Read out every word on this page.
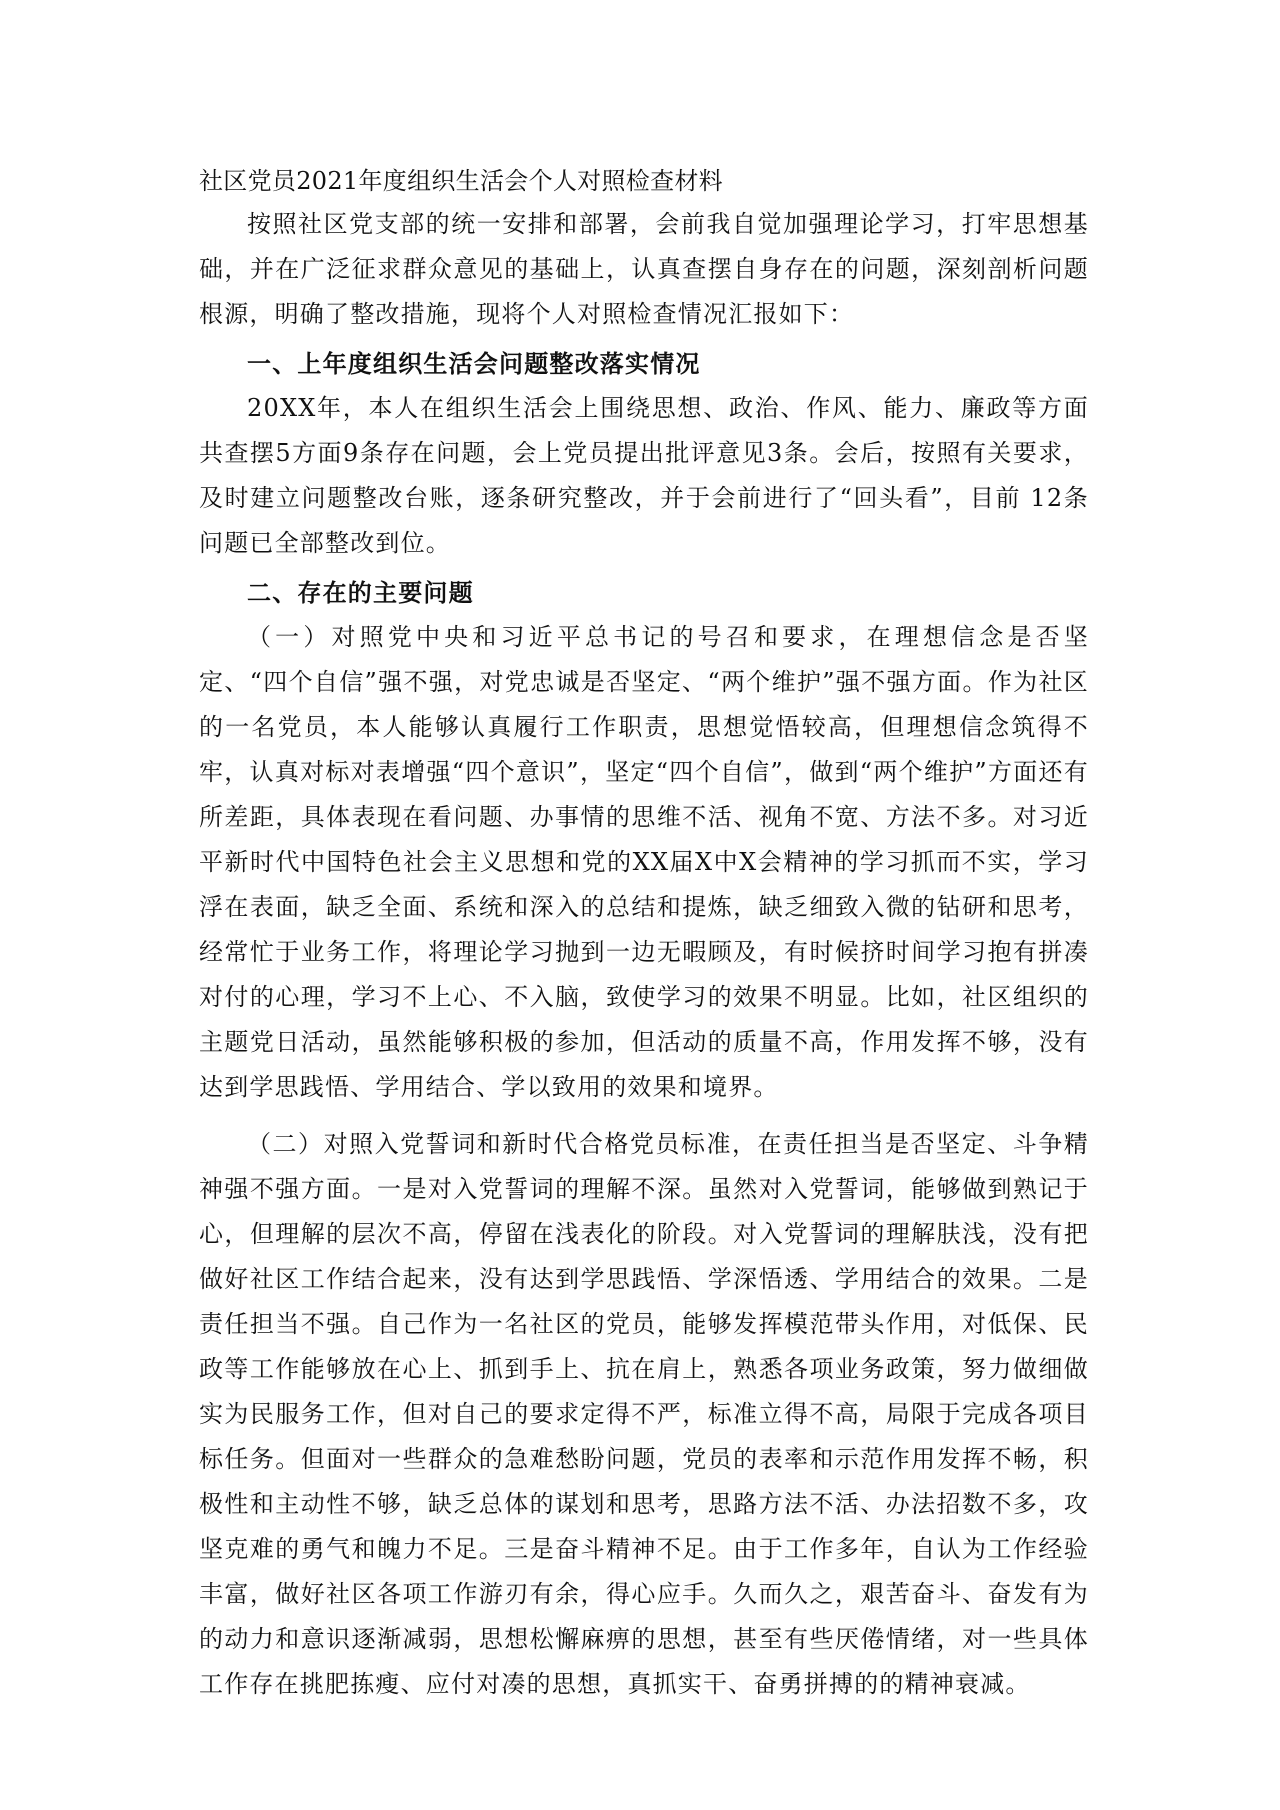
社区党员2021年度组织生活会个人对照检查材料

按照社区党支部的统一安排和部署，会前我自觉加强理论学习，打牢思想基础，并在广泛征求群众意见的基础上，认真查摆自身存在的问题，深刻剖析问题根源，明确了整改措施，现将个人对照检查情况汇报如下：

一、上年度组织生活会问题整改落实情况

20XX年，本人在组织生活会上围绕思想、政治、作风、能力、廉政等方面共查摆5方面9条存在问题，会上党员提出批评意见3条。会后，按照有关要求，及时建立问题整改台账，逐条研究整改，并于会前进行了“回头看”，目前 12条问题已全部整改到位。

二、存在的主要问题

（一）对照党中央和习近平总书记的号召和要求，在理想信念是否坚定、“四个自信”强不强，对党忠诚是否坚定、“两个维护”强不强方面。作为社区的一名党员，本人能够认真履行工作职责，思想觉悟较高，但理想信念筑得不牢，认真对标对表增强“四个意识”，坚定“四个自信”，做到“两个维护”方面还有所差距，具体表现在看问题、办事情的思维不活、视角不宽、方法不多。对习近平新时代中国特色社会主义思想和党的XX届X中X会精神的学习抓而不实，学习浮在表面，缺乏全面、系统和深入的总结和提炼，缺乏细致入微的钻研和思考，经常忙于业务工作，将理论学习抛到一边无暇顾及，有时候挤时间学习抱有拼凑对付的心理，学习不上心、不入脑，致使学习的效果不明显。比如，社区组织的主题党日活动，虽然能够积极的参加，但活动的质量不高，作用发挥不够，没有达到学思践悟、学用结合、学以致用的效果和境界。

（二）对照入党誓词和新时代合格党员标准，在责任担当是否坚定、斗争精神强不强方面。一是对入党誓词的理解不深。虽然对入党誓词，能够做到熟记于心，但理解的层次不高，停留在浅表化的阶段。对入党誓词的理解肤浅，没有把做好社区工作结合起来，没有达到学思践悟、学深悟透、学用结合的效果。二是责任担当不强。自己作为一名社区的党员，能够发挥模范带头作用，对低保、民政等工作能够放在心上、抓到手上、抗在肩上，熟悉各项业务政策，努力做细做实为民服务工作，但对自己的要求定得不严，标准立得不高，局限于完成各项目标任务。但面对一些群众的急难愁盼问题，党员的表率和示范作用发挥不畅，积极性和主动性不够，缺乏总体的谋划和思考，思路方法不活、办法招数不多，攻坚克难的勇气和魄力不足。三是奋斗精神不足。由于工作多年，自认为工作经验丰富，做好社区各项工作游刃有余，得心应手。久而久之，艰苦奋斗、奋发有为的动力和意识逐渐减弱，思想松懈麻痹的思想，甚至有些厌倦情绪，对一些具体工作存在挑肥拣瘦、应付对凑的思想，真抓实干、奋勇拼搏的的精神衰减。
